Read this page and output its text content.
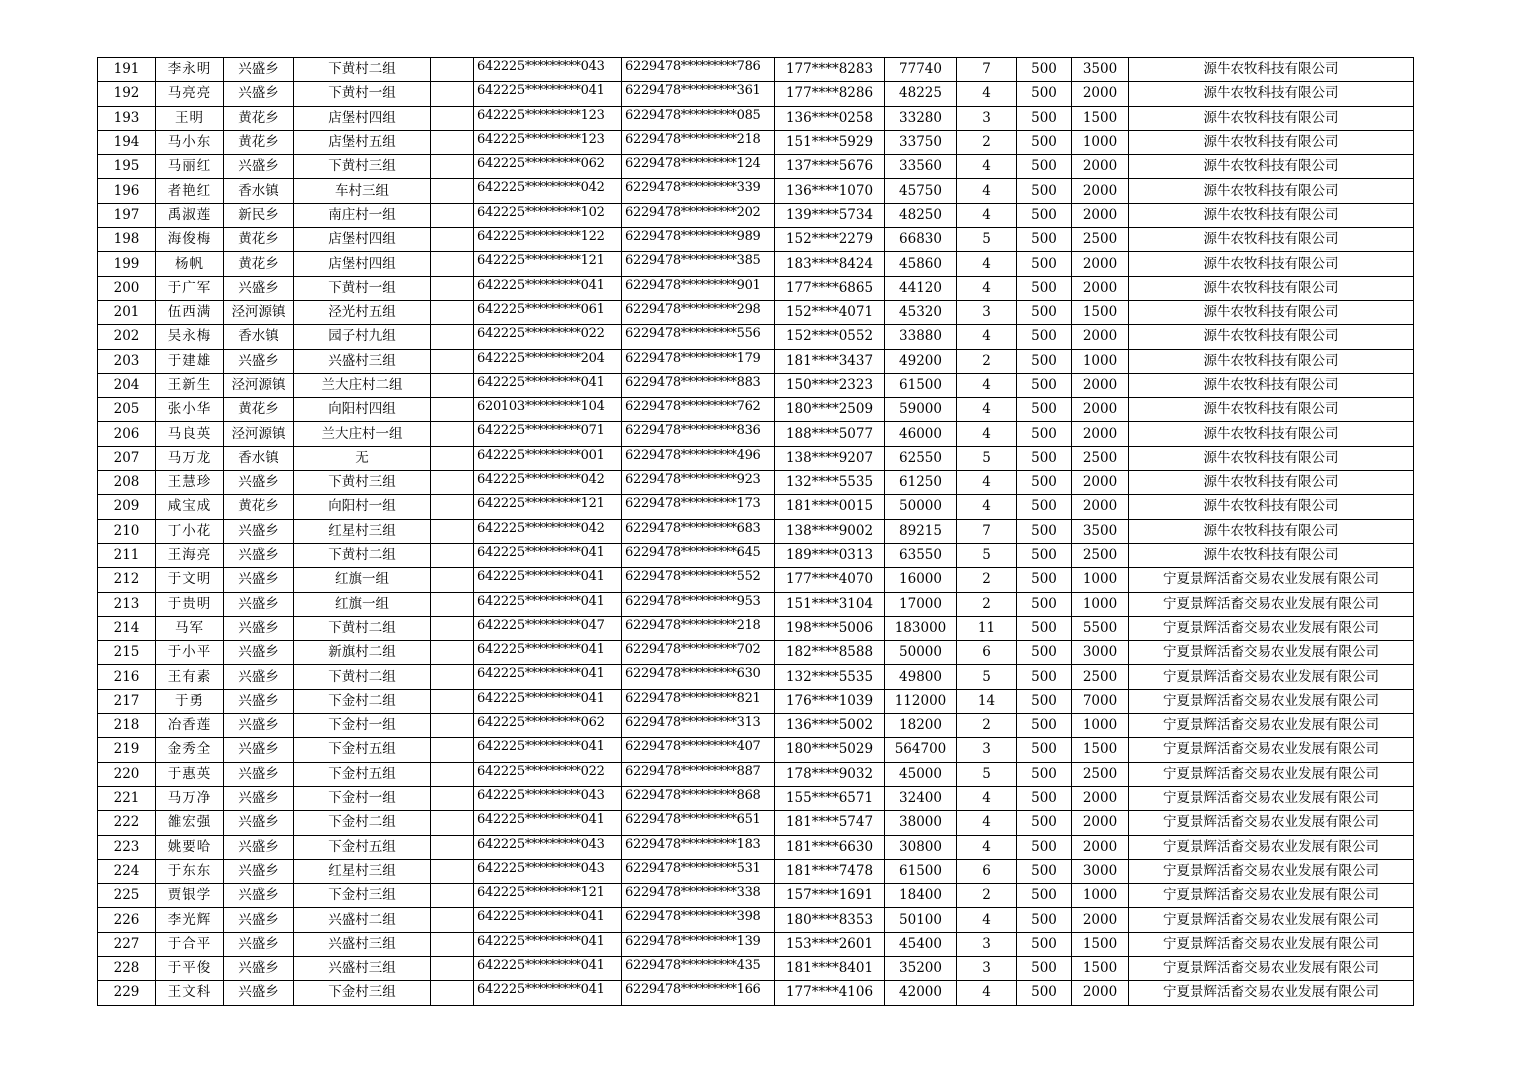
191	李永明	兴盛乡	下黄村二组		642225*********043	6229478*********786	177****8283	77740	7	500	3500	源牛农牧科技有限公司
192	马亮亮	兴盛乡	下黄村一组		642225*********041	6229478*********361	177****8286	48225	4	500	2000	源牛农牧科技有限公司
193	王明	黄花乡	店堡村四组		642225*********123	6229478*********085	136****0258	33280	3	500	1500	源牛农牧科技有限公司
194	马小东	黄花乡	店堡村五组		642225*********123	6229478*********218	151****5929	33750	2	500	1000	源牛农牧科技有限公司
195	马丽红	兴盛乡	下黄村三组		642225*********062	6229478*********124	137****5676	33560	4	500	2000	源牛农牧科技有限公司
196	者艳红	香水镇	车村三组		642225*********042	6229478*********339	136****1070	45750	4	500	2000	源牛农牧科技有限公司
197	禹淑莲	新民乡	南庄村一组		642225*********102	6229478*********202	139****5734	48250	4	500	2000	源牛农牧科技有限公司
198	海俊梅	黄花乡	店堡村四组		642225*********122	6229478*********989	152****2279	66830	5	500	2500	源牛农牧科技有限公司
199	杨帆	黄花乡	店堡村四组		642225*********121	6229478*********385	183****8424	45860	4	500	2000	源牛农牧科技有限公司
200	于广军	兴盛乡	下黄村一组		642225*********041	6229478*********901	177****6865	44120	4	500	2000	源牛农牧科技有限公司
201	伍西满	泾河源镇	泾光村五组		642225*********061	6229478*********298	152****4071	45320	3	500	1500	源牛农牧科技有限公司
202	吴永梅	香水镇	园子村九组		642225*********022	6229478*********556	152****0552	33880	4	500	2000	源牛农牧科技有限公司
203	于建雄	兴盛乡	兴盛村三组		642225*********204	6229478*********179	181****3437	49200	2	500	1000	源牛农牧科技有限公司
204	王新生	泾河源镇	兰大庄村二组		642225*********041	6229478*********883	150****2323	61500	4	500	2000	源牛农牧科技有限公司
205	张小华	黄花乡	向阳村四组		620103*********104	6229478*********762	180****2509	59000	4	500	2000	源牛农牧科技有限公司
206	马良英	泾河源镇	兰大庄村一组		642225*********071	6229478*********836	188****5077	46000	4	500	2000	源牛农牧科技有限公司
207	马万龙	香水镇	无		642225*********001	6229478*********496	138****9207	62550	5	500	2500	源牛农牧科技有限公司
208	王慧珍	兴盛乡	下黄村三组		642225*********042	6229478*********923	132****5535	61250	4	500	2000	源牛农牧科技有限公司
209	咸宝成	黄花乡	向阳村一组		642225*********121	6229478*********173	181****0015	50000	4	500	2000	源牛农牧科技有限公司
210	丁小花	兴盛乡	红星村三组		642225*********042	6229478*********683	138****9002	89215	7	500	3500	源牛农牧科技有限公司
211	王海亮	兴盛乡	下黄村二组		642225*********041	6229478*********645	189****0313	63550	5	500	2500	源牛农牧科技有限公司
212	于文明	兴盛乡	红旗一组		642225*********041	6229478*********552	177****4070	16000	2	500	1000	宁夏景辉活畜交易农业发展有限公司
213	于贵明	兴盛乡	红旗一组		642225*********041	6229478*********953	151****3104	17000	2	500	1000	宁夏景辉活畜交易农业发展有限公司
214	马军	兴盛乡	下黄村二组		642225*********047	6229478*********218	198****5006	183000	11	500	5500	宁夏景辉活畜交易农业发展有限公司
215	于小平	兴盛乡	新旗村二组		642225*********041	6229478*********702	182****8588	50000	6	500	3000	宁夏景辉活畜交易农业发展有限公司
216	王有素	兴盛乡	下黄村二组		642225*********041	6229478*********630	132****5535	49800	5	500	2500	宁夏景辉活畜交易农业发展有限公司
217	于勇	兴盛乡	下金村二组		642225*********041	6229478*********821	176****1039	112000	14	500	7000	宁夏景辉活畜交易农业发展有限公司
218	冶香莲	兴盛乡	下金村一组		642225*********062	6229478*********313	136****5002	18200	2	500	1000	宁夏景辉活畜交易农业发展有限公司
219	金秀全	兴盛乡	下金村五组		642225*********041	6229478*********407	180****5029	564700	3	500	1500	宁夏景辉活畜交易农业发展有限公司
220	于惠英	兴盛乡	下金村五组		642225*********022	6229478*********887	178****9032	45000	5	500	2500	宁夏景辉活畜交易农业发展有限公司
221	马万净	兴盛乡	下金村一组		642225*********043	6229478*********868	155****6571	32400	4	500	2000	宁夏景辉活畜交易农业发展有限公司
222	雒宏强	兴盛乡	下金村二组		642225*********041	6229478*********651	181****5747	38000	4	500	2000	宁夏景辉活畜交易农业发展有限公司
223	姚要哈	兴盛乡	下金村五组		642225*********043	6229478*********183	181****6630	30800	4	500	2000	宁夏景辉活畜交易农业发展有限公司
224	于东东	兴盛乡	红星村三组		642225*********043	6229478*********531	181****7478	61500	6	500	3000	宁夏景辉活畜交易农业发展有限公司
225	贾银学	兴盛乡	下金村三组		642225*********121	6229478*********338	157****1691	18400	2	500	1000	宁夏景辉活畜交易农业发展有限公司
226	李光辉	兴盛乡	兴盛村二组		642225*********041	6229478*********398	180****8353	50100	4	500	2000	宁夏景辉活畜交易农业发展有限公司
227	于合平	兴盛乡	兴盛村三组		642225*********041	6229478*********139	153****2601	45400	3	500	1500	宁夏景辉活畜交易农业发展有限公司
228	于平俊	兴盛乡	兴盛村三组		642225*********041	6229478*********435	181****8401	35200	3	500	1500	宁夏景辉活畜交易农业发展有限公司
229	王文科	兴盛乡	下金村三组		642225*********041	6229478*********166	177****4106	42000	4	500	2000	宁夏景辉活畜交易农业发展有限公司
